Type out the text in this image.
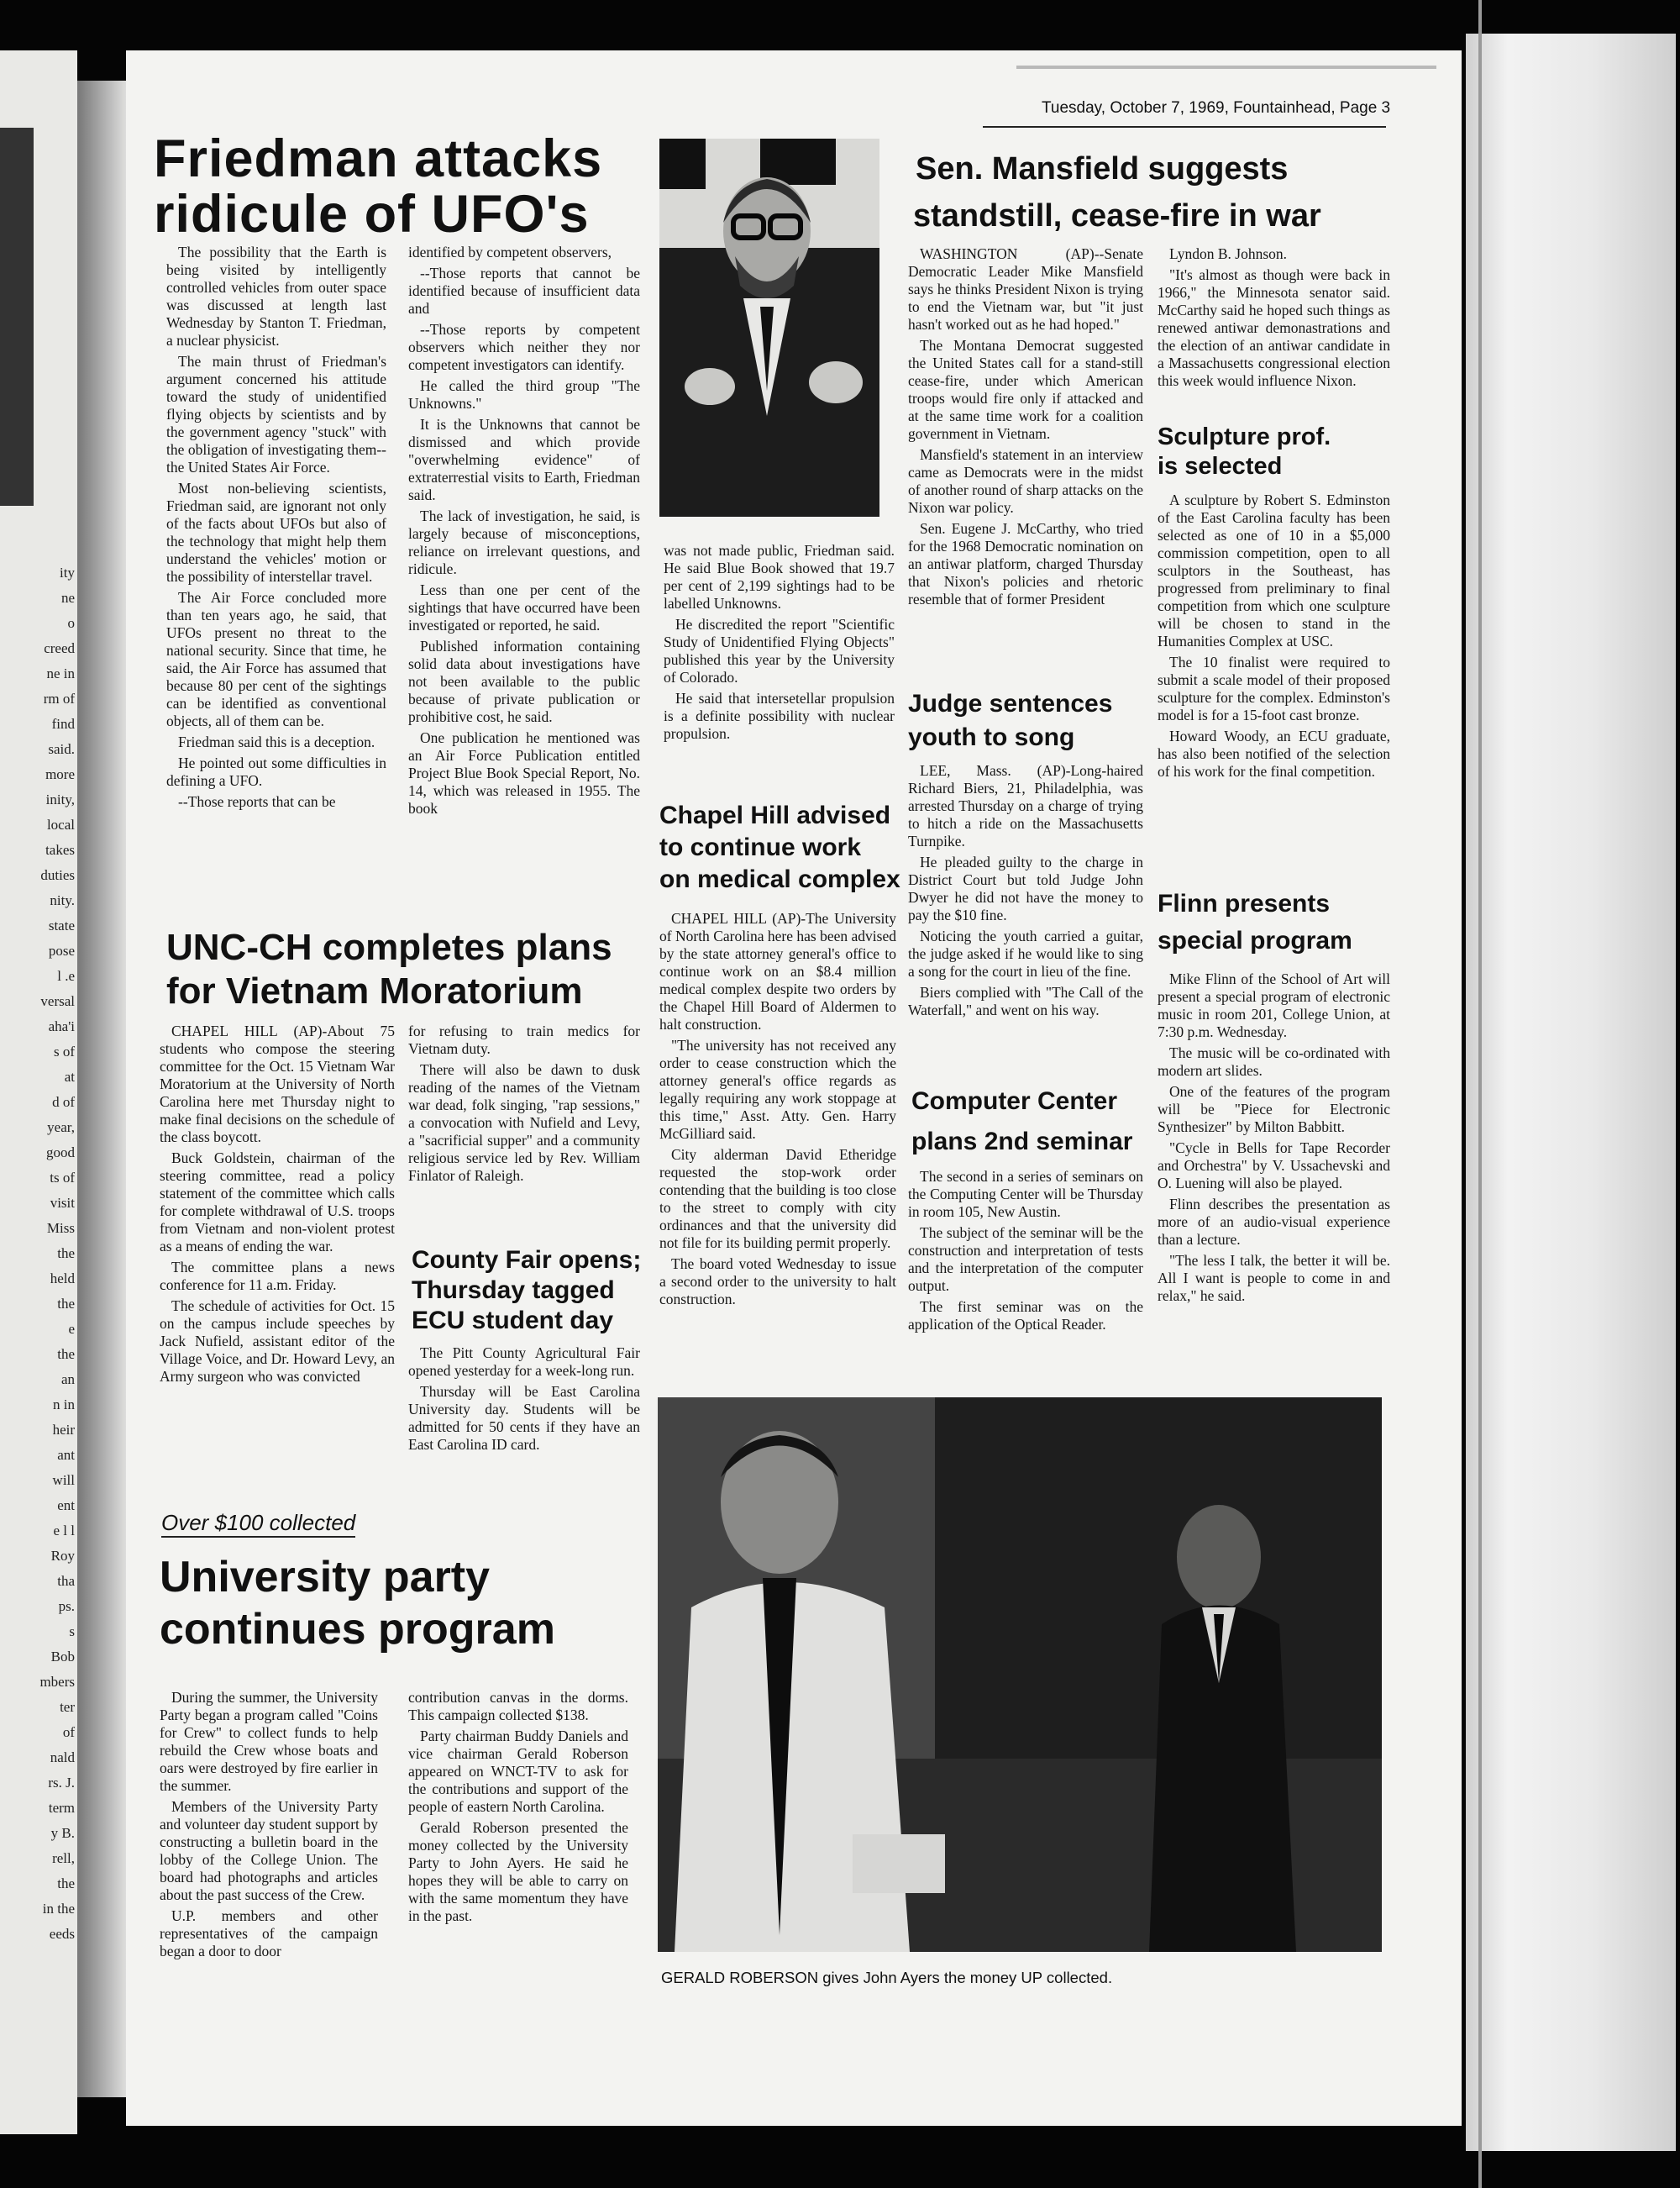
ity
ne
o
creed
ne in
rm of
find
said.
more
inity,
local
takes
duties
nity.
state
pose
l .e
versal
aha'i
s of
at
d of
year,
good
ts of
visit
Miss
the
held
the
e
the
an
n in
heir
ant
will
ent
e l l
Roy
tha
ps.
s
Bob
mbers
ter
of
nald
rs. J.
term
y B.
rell,
the
in the
eeds
Tuesday, October 7, 1969, Fountainhead, Page 3
Friedman attacks
ridicule of UFO's

The possibility that the Earth is being visited by intelligently controlled vehicles from outer space was discussed at length last Wednesday by Stanton T. Friedman, a nuclear physicist.

The main thrust of Friedman's argument concerned his attitude toward the study of unidentified flying objects by scientists and by the government agency "stuck" with the obligation of investigating them--the United States Air Force.

Most non-believing scientists, Friedman said, are ignorant not only of the facts about UFOs but also of the technology that might help them understand the vehicles' motion or the possibility of interstellar travel.

The Air Force concluded more than ten years ago, he said, that UFOs present no threat to the national security. Since that time, he said, the Air Force has assumed that because 80 per cent of the sightings can be identified as conventional objects, all of them can be.

Friedman said this is a deception.

He pointed out some difficulties in defining a UFO.

--Those reports that can be

identified by competent observers,

--Those reports that cannot be identified because of insufficient data and

--Those reports by competent observers which neither they nor competent investigators can identify.

He called the third group "The Unknowns."

It is the Unknowns that cannot be dismissed and which provide "overwhelming evidence" of extraterrestial visits to Earth, Friedman said.

The lack of investigation, he said, is largely because of misconceptions, reliance on irrelevant questions, and ridicule.

Less than one per cent of the sightings that have occurred have been investigated or reported, he said.

Published information containing solid data about investigations have not been available to the public because of private publication or prohibitive cost, he said.

One publication he mentioned was an Air Force Publication entitled Project Blue Book Special Report, No. 14, which was released in 1955. The book

was not made public, Friedman said. He said Blue Book showed that 19.7 per cent of 2,199 sightings had to be labelled Unknowns.

He discredited the report "Scientific Study of Unidentified Flying Objects" published this year by the University of Colorado.

He said that intersetellar propulsion is a definite possibility with nuclear propulsion.

Sen. Mansfield suggests
standstill, cease-fire in war

WASHINGTON (AP)--Senate Democratic Leader Mike Mansfield says he thinks President Nixon is trying to end the Vietnam war, but "it just hasn't worked out as he had hoped."

The Montana Democrat suggested the United States call for a stand-still cease-fire, under which American troops would fire only if attacked and at the same time work for a coalition government in Vietnam.

Mansfield's statement in an interview came as Democrats were in the midst of another round of sharp attacks on the Nixon war policy.

Sen. Eugene J. McCarthy, who tried for the 1968 Democratic nomination on an antiwar platform, charged Thursday that Nixon's policies and rhetoric resemble that of former President

Lyndon B. Johnson.

"It's almost as though were back in 1966," the Minnesota senator said. McCarthy said he hoped such things as renewed antiwar demonastrations and the election of an antiwar candidate in a Massachusetts congressional election this week would influence Nixon.

Sculpture prof.
is selected

A sculpture by Robert S. Edminston of the East Carolina faculty has been selected as one of 10 in a $5,000 commission competition, open to all sculptors in the Southeast, has progressed from preliminary to final competition from which one sculpture will be chosen to stand in the Humanities Complex at USC.

The 10 finalist were required to submit a scale model of their proposed sculpture for the complex. Edminston's model is for a 15-foot cast bronze.

Howard Woody, an ECU graduate, has also been notified of the selection of his work for the final competition.

Judge sentences
youth to song

LEE, Mass. (AP)-Long-haired Richard Biers, 21, Philadelphia, was arrested Thursday on a charge of trying to hitch a ride on the Massachusetts Turnpike.

He pleaded guilty to the charge in District Court but told Judge John Dwyer he did not have the money to pay the $10 fine.

Noticing the youth carried a guitar, the judge asked if he would like to sing a song for the court in lieu of the fine.

Biers complied with "The Call of the Waterfall," and went on his way.

Chapel Hill advised
to continue work
on medical complex

CHAPEL HILL (AP)-The University of North Carolina here has been advised by the state attorney general's office to continue work on an $8.4 million medical complex despite two orders by the Chapel Hill Board of Aldermen to halt construction.

"The university has not received any order to cease construction which the attorney general's office regards as legally requiring any work stoppage at this time," Asst. Atty. Gen. Harry McGilliard said.

City alderman David Etheridge requested the stop-work order contending that the building is too close to the street to comply with city ordinances and that the university did not file for its building permit properly.

The board voted Wednesday to issue a second order to the university to halt construction.

Computer Center
plans 2nd seminar

The second in a series of seminars on the Computing Center will be Thursday in room 105, New Austin.

The subject of the seminar will be the construction and interpretation of tests and the interpretation of the computer output.

The first seminar was on the application of the Optical Reader.

Flinn presents
special program

Mike Flinn of the School of Art will present a special program of electronic music in room 201, College Union, at 7:30 p.m. Wednesday.

The music will be co-ordinated with modern art slides.

One of the features of the program will be "Piece for Electronic Synthesizer" by Milton Babbitt.

"Cycle in Bells for Tape Recorder and Orchestra" by V. Ussachevski and O. Luening will also be played.

Flinn describes the presentation as more of an audio-visual experience than a lecture.

"The less I talk, the better it will be. All I want is people to come in and relax," he said.

UNC-CH completes plans
for Vietnam Moratorium

CHAPEL HILL (AP)-About 75 students who compose the steering committee for the Oct. 15 Vietnam War Moratorium at the University of North Carolina here met Thursday night to make final decisions on the schedule of the class boycott.

Buck Goldstein, chairman of the steering committee, read a policy statement of the committee which calls for complete withdrawal of U.S. troops from Vietnam and non-violent protest as a means of ending the war.

The committee plans a news conference for 11 a.m. Friday.

The schedule of activities for Oct. 15 on the campus include speeches by Jack Nufield, assistant editor of the Village Voice, and Dr. Howard Levy, an Army surgeon who was convicted

for refusing to train medics for Vietnam duty.

There will also be dawn to dusk reading of the names of the Vietnam war dead, folk singing, "rap sessions," a convocation with Nufield and Levy, a "sacrificial supper" and a community religious service led by Rev. William Finlator of Raleigh.

County Fair opens;
Thursday tagged
ECU student day

The Pitt County Agricultural Fair opened yesterday for a week-long run.

Thursday will be East Carolina University day. Students will be admitted for 50 cents if they have an East Carolina ID card.

Over $100 collected
University party
continues program

During the summer, the University Party began a program called "Coins for Crew" to collect funds to help rebuild the Crew whose boats and oars were destroyed by fire earlier in the summer.

Members of the University Party and volunteer day student support by constructing a bulletin board in the lobby of the College Union. The board had photographs and articles about the past success of the Crew.

U.P. members and other representatives of the campaign began a door to door

contribution canvas in the dorms. This campaign collected $138.

Party chairman Buddy Daniels and vice chairman Gerald Roberson appeared on WNCT-TV to ask for the contributions and support of the people of eastern North Carolina.

Gerald Roberson presented the money collected by the University Party to John Ayers. He said he hopes they will be able to carry on with the same momentum they have in the past.

GERALD ROBERSON gives John Ayers the money UP collected.
